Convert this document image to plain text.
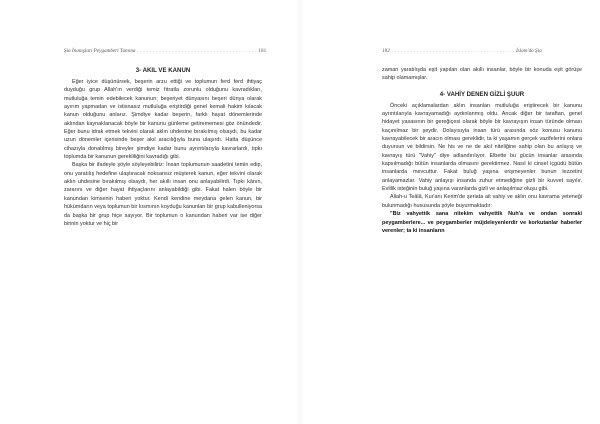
Şia İnanışları Peygamberi Tanıma . . . . . . . . . . . . . . . . . . . . . . . . . . . . . . . . . . . . . . 181
3- AKIL VE KANUN

Eğer iyice düşünürsek, beşerin arzu ettiği ve toplumun ferd ferd ihtiyaç duyduğu grup Allah'ın verdiği temiz fıtratla zorunlu olduğunu kavradıkları, mutluluğa temin edebilecek kanunun; beşeriyet dünyasını beşeri dünya olarak ayırım yapmadan ve istisnasız mutluluğa eriştirdiği genel kemali hakim kılacak kanun olduğunu anlarız. Şimdiye kadar beşerin, farklı hayat dönemlerinde aklından kaynaklanacak böyle bir kanunu günleme getirememesi göz önündedir. Eğer bunu idrak etmek tekvini olarak aklın uhdesine bırakılmış olsaydı, bu kadar uzun dönemler içerisinde beşer akıl aracılığıyla buna ulaşırdı. Hatta düşünce cihazıyla donatılmış bireyler şimdiye kadar bunu ayrıntılarıyla kavrarlardı, tıpkı toplumda bir kanunun gerekliliğini kavradığı gibi.

Başka bir ifadeyle şöyle söyleyebiliriz: İnsan toplumunun saadetini temin edip, onu yaratılış hedefine ulaştıracak noksansız müşterek kanun, eğer tekvini olarak aklın uhdesine bırakılmış olsaydı, her akıllı insan onu anlayabilirdi. Tıpkı kânın, zararını ve diğer hayat ihtiyaçlarını anlayabildiği gibi. Fakat halen böyle bir kanundan kimsenin haberi yoktur. Kendi kendine meydana gelen kanun, bir hükümdarın veya toplumun bir kısmının koyduğu kanunları bir grup kabulleniyorsa da başka bir grup hiçe sayıyor. Bir toplumun o kanundan haberi var ise diğer birinin yoktur ve hiç bir

182 . . . . . . . . . . . . . . . . . . . . . . . . . . . . . . . . . . . . . . . İslam'da Şia

zaman yaratılışda eşit yapılan olan akıllı insanlar, böyle bir konuda eşit görüşe sahip olamamışlar.

4- VAHİY DENEN GİZLİ ŞUUR

Önceki açıklamalardan aklın insanları mutluluğa eriştirecek bir kanunu ayrıntılarıyla kavrayamadığı aydınlanmış oldu. Ancak diğer bir taraftan, genel hidayet yasasının bir gereğiçesi olarak böyle bir kavrayışın insan türünde olması kaçınılmaz bir şeydir. Dolayısıyla insan türü arasında söz konusu kanunu kavrayabilecek bir aracın olması gereklidir, ta ki yaşamın gerçek vazifelerini onlara duyursun ve bildirsin. Ne his ve ne de akıl niteliğine sahip olan bu anlayış ve kavrayış türü "Vahiy" diye adlandırılıyor. Elbette bu gücün insanlar arasında kapsılmadığı bütün insanlarda olmasını gerektirmez. Nasıl ki cinsel içgüdü bütün insanlarda mevcuttur. Fakat buluğ yaşına erişmeyenler bunun lezzetini anlayamazlar. Vahiy anlayışı insanda zuhur etmediğine gizli bir kuvvet sayılır. Evlilik isteğinin buluğ yaşına varanlarda gizli ve anlaşılmaz oluşu gibi.

Allah-u Teâlâ, Kur'anı Kerim'de şeriata ait vahiy ve aklın onu kavrama yeteneği bulunmadığı hususunda şöyle buyurmaktadır:

"Biz vahyettik sana nitekim vahyettik Nuh'a ve ondan sonraki peygamberlere... ve peygamberler müjdeleyenlerdir ve korkutanlar haberler verenler; ta ki insanların
